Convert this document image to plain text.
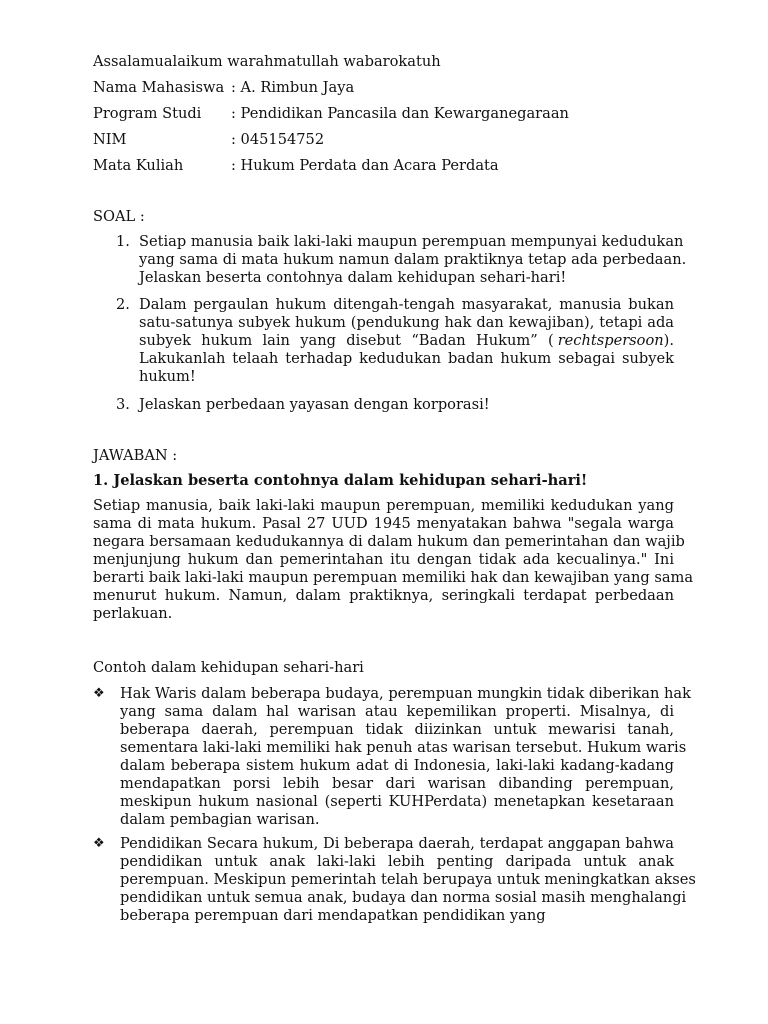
Assalamualaikum warahmatullah wabarokatuh
Nama Mahasiswa : A. Rimbun Jaya
Program Studi : Pendidikan Pancasila dan Kewarganegaraan
NIM	: 045154752
Mata Kuliah	: Hukum Perdata dan Acara Perdata
SOAL :
1. Setiap manusia baik laki-laki maupun perempuan mempunyai kedudukan
yang sama di mata hukum namun dalam praktiknya tetap ada perbedaan.
Jelaskan beserta contohnya dalam kehidupan sehari-hari!
2. Dalam pergaulan hukum ditengah-tengah masyarakat, manusia bukan
satu-satunya subyek hukum (pendukung hak dan kewajiban), tetapi ada
subyek hukum lain yang disebut “Badan Hukum” ( rechtspersoon ).
Lakukanlah telaah terhadap kedudukan badan hukum sebagai subyek
hukum!
3. Jelaskan perbedaan yayasan dengan korporasi!
JAWABAN :
1. Jelaskan beserta contohnya dalam kehidupan sehari-hari!
Setiap manusia, baik laki-laki maupun perempuan, memiliki kedudukan yang
sama di mata hukum. Pasal 27 UUD 1945 menyatakan bahwa "segala warga
negara bersamaan kedudukannya di dalam hukum dan pemerintahan dan wajib
menjunjung hukum dan pemerintahan itu dengan tidak ada kecualinya." Ini
berarti baik laki-laki maupun perempuan memiliki hak dan kewajiban yang sama
menurut hukum. Namun, dalam praktiknya, seringkali terdapat perbedaan
perlakuan.
Contoh dalam kehidupan sehari-hari
❖ Hak Waris dalam beberapa budaya, perempuan mungkin tidak diberikan hak
yang sama dalam hal warisan atau kepemilikan properti. Misalnya, di
beberapa daerah, perempuan tidak diizinkan untuk mewarisi tanah,
sementara laki-laki memiliki hak penuh atas warisan tersebut. Hukum waris
dalam beberapa sistem hukum adat di Indonesia, laki-laki kadang-kadang
mendapatkan porsi lebih besar dari warisan dibanding perempuan,
meskipun hukum nasional (seperti KUHPerdata) menetapkan kesetaraan
dalam pembagian warisan.
❖ Pendidikan Secara hukum, Di beberapa daerah, terdapat anggapan bahwa
pendidikan untuk anak laki-laki lebih penting daripada untuk anak
perempuan. Meskipun pemerintah telah berupaya untuk meningkatkan akses
pendidikan untuk semua anak, budaya dan norma sosial masih menghalangi
beberapa perempuan dari mendapatkan pendidikan yang
